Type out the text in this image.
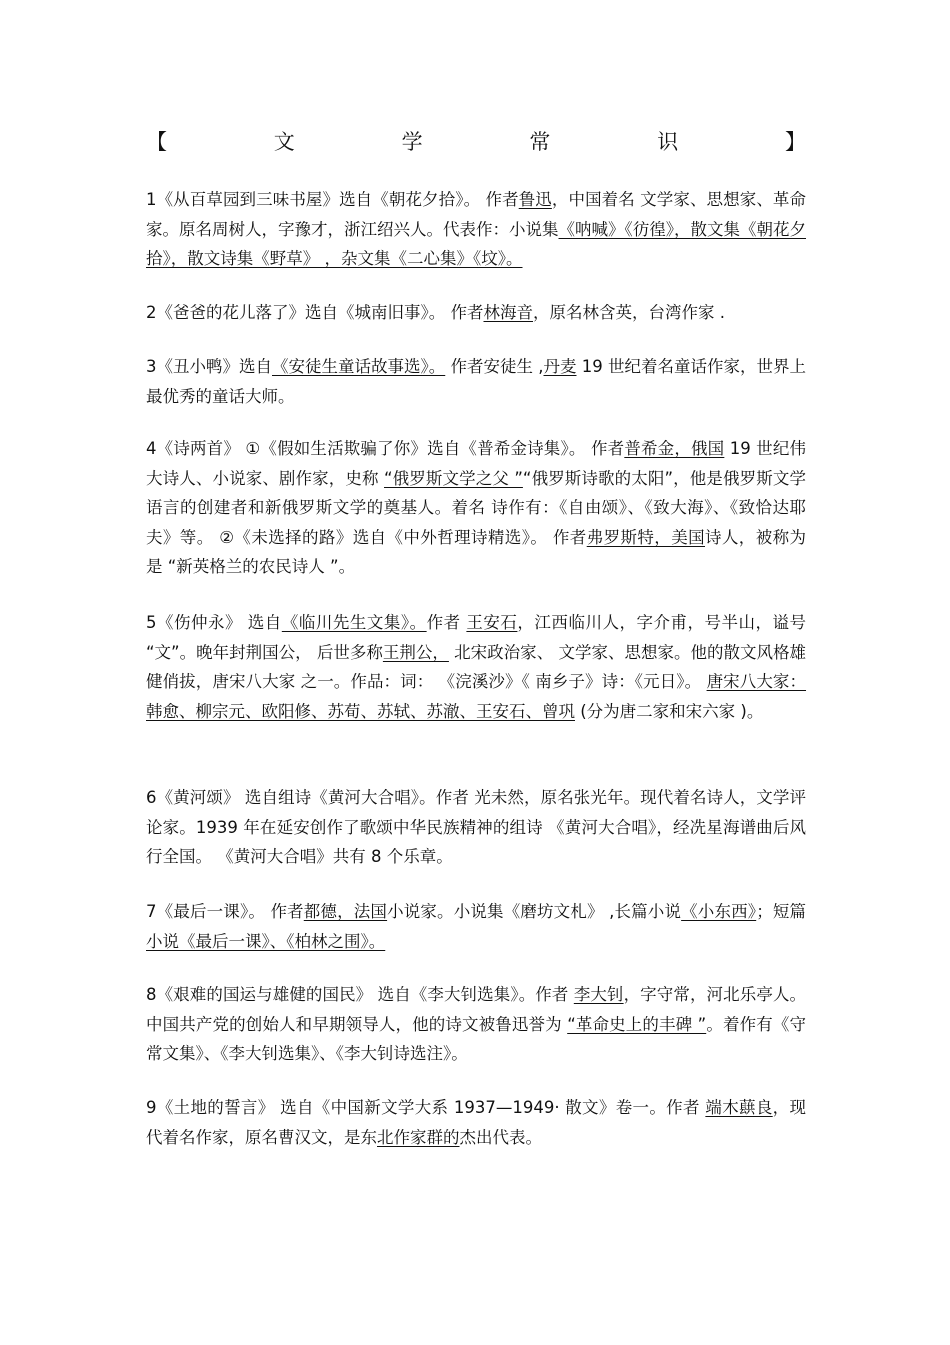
【	文	学	常	识	】

1《从百草园到三味书屋》选自《朝花夕拾》。 作者鲁迅，中国着名 文学家、思想家、革命家。原名周树人，字豫才，浙江绍兴人。代表作：小说集《呐喊》《彷徨》，散文集《朝花夕拾》，散文诗集《野草》 ，杂文集《二心集》《坟》。

2《爸爸的花儿落了》选自《城南旧事》。 作者林海音，原名林含英，台湾作家 .

3《丑小鸭》选自《安徒生童话故事选》。 作者安徒生 ,丹麦 19 世纪着名童话作家，世界上最优秀的童话大师。

4《诗两首》 ①《假如生活欺骗了你》选自《普希金诗集》。 作者普希金，俄国 19 世纪伟大诗人、小说家、剧作家，史称 “俄罗斯文学之父 ”“俄罗斯诗歌的太阳”，他是俄罗斯文学语言的创建者和新俄罗斯文学的奠基人。着名 诗作有：《自由颂》、《致大海》、《致恰达耶夫》等。 ②《未选择的路》选自《中外哲理诗精选》。 作者弗罗斯特，美国诗人，被称为是 “新英格兰的农民诗人 ”。

5《伤仲永》 选自《临川先生文集》。作者 王安石，江西临川人，字介甫，号半山，谥号 “文”。晚年封荆国公， 后世多称王荆公， 北宋政治家、 文学家、思想家。他的散文风格雄健俏拔，唐宋八大家 之一。作品：词： 《浣溪沙》《 南乡子》诗：《元日》。 唐宋八大家：韩愈、柳宗元、欧阳修、苏荀、苏轼、苏澈、王安石、曾巩 (分为唐二家和宋六家 )。

6《黄河颂》 选自组诗《黄河大合唱》。作者 光未然，原名张光年。现代着名诗人，文学评论家。1939 年在延安创作了歌颂中华民族精神的组诗 《黄河大合唱》，经冼星海谱曲后风行全国。 《黄河大合唱》共有 8 个乐章。

7《最后一课》。 作者都德，法国小说家。小说集《磨坊文札》 ,长篇小说《小东西》；短篇小说《最后一课》、《柏林之围》。

8《艰难的国运与雄健的国民》 选自《李大钊选集》。作者 李大钊，字守常，河北乐亭人。中国共产党的创始人和早期领导人，他的诗文被鲁迅誉为 “革命史上的丰碑 ”。着作有《守常文集》、《李大钊选集》、《李大钊诗选注》。

9《土地的誓言》 选自《中国新文学大系 1937—1949· 散文》卷一。作者 端木蕻良，现代着名作家，原名曹汉文，是东北作家群的杰出代表。
